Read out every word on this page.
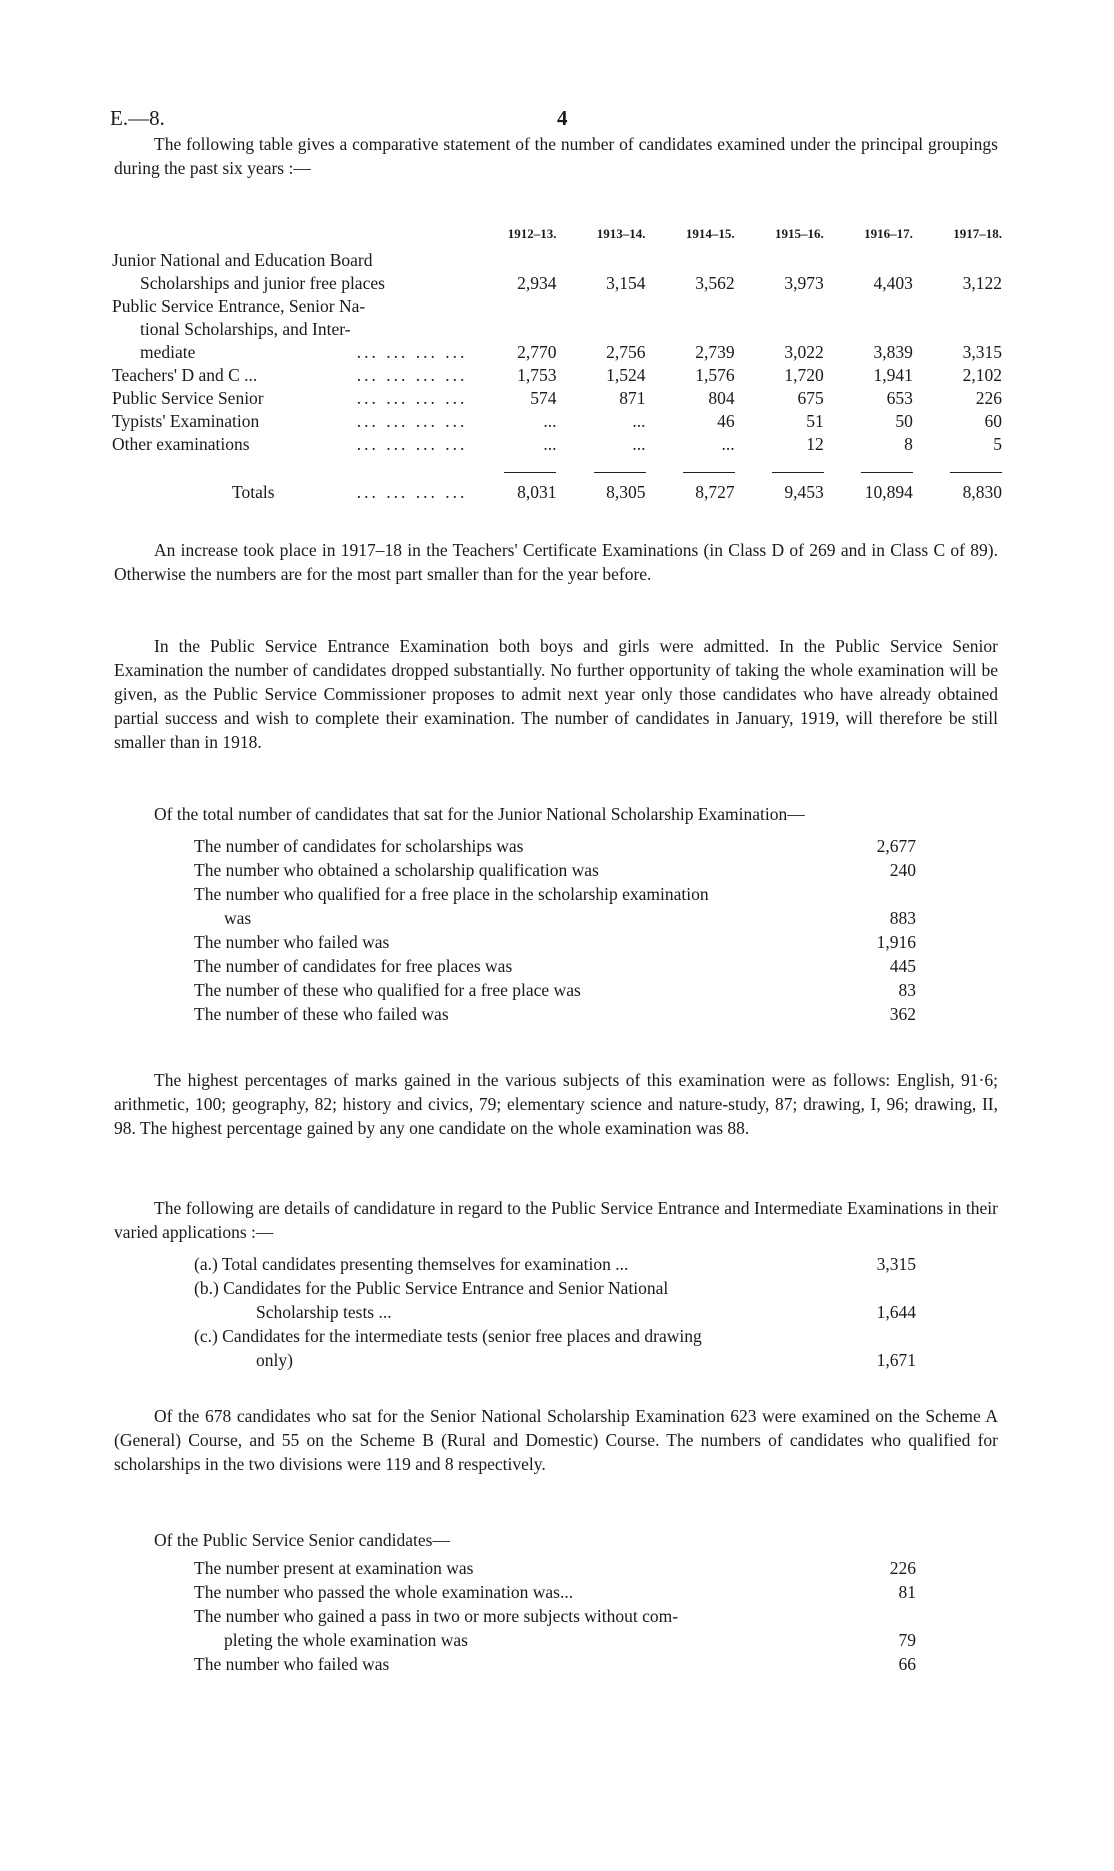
E.—8.	4

The following table gives a comparative statement of the number of candidates examined under the principal groupings during the past six years :—

	1912–13.	1913–14.	1914–15.	1915–16.	1916–17.	1917–18.

Junior National and Education Board
Scholarships and junior free places	2,934	3,154	3,562	3,973	4,403	3,122

Public Service Entrance, Senior Na-
tional Scholarships, and Inter-
mediate ... ... ... ...	2,770	2,756	2,739	3,022	3,839	3,315
Teachers' D and C ... ... ... ... ...	1,753	1,524	1,576	1,720	1,941	2,102
Public Service Senior ... ... ... ...	574	871	804	675	653	226
Typists' Examination ... ... ... ...	...	...	46	51	50	60
Other examinations ... ... ... ...	...	...	...	12	8	5

Totals ... ... ... ...	8,031	8,305	8,727	9,453	10,894	8,830

An increase took place in 1917–18 in the Teachers' Certificate Examinations (in Class D of 269 and in Class C of 89). Otherwise the numbers are for the most part smaller than for the year before.

In the Public Service Entrance Examination both boys and girls were admitted. In the Public Service Senior Examination the number of candidates dropped substantially. No further opportunity of taking the whole examination will be given, as the Public Service Commissioner proposes to admit next year only those candidates who have already obtained partial success and wish to complete their examination. The number of candidates in January, 1919, will therefore be still smaller than in 1918.

Of the total number of candidates that sat for the Junior National Scholarship Examination—

The number of candidates for scholarships was	2,677
The number who obtained a scholarship qualification was	240
The number who qualified for a free place in the scholarship examination
was	883
The number who failed was	1,916
The number of candidates for free places was	445
The number of these who qualified for a free place was	83
The number of these who failed was	362

The highest percentages of marks gained in the various subjects of this examination were as follows: English, 91·6; arithmetic, 100; geography, 82; history and civics, 79; elementary science and nature-study, 87; drawing, I, 96; drawing, II, 98. The highest percentage gained by any one candidate on the whole examination was 88.

The following are details of candidature in regard to the Public Service Entrance and Intermediate Examinations in their varied applications :—

(a.) Total candidates presenting themselves for examination ...	3,315
(b.) Candidates for the Public Service Entrance and Senior National
Scholarship tests ...	1,644
(c.) Candidates for the intermediate tests (senior free places and drawing
only)	1,671

Of the 678 candidates who sat for the Senior National Scholarship Examination 623 were examined on the Scheme A (General) Course, and 55 on the Scheme B (Rural and Domestic) Course. The numbers of candidates who qualified for scholarships in the two divisions were 119 and 8 respectively.

Of the Public Service Senior candidates—

The number present at examination was	226
The number who passed the whole examination was...	81
The number who gained a pass in two or more subjects without com-
pleting the whole examination was	79
The number who failed was	66
